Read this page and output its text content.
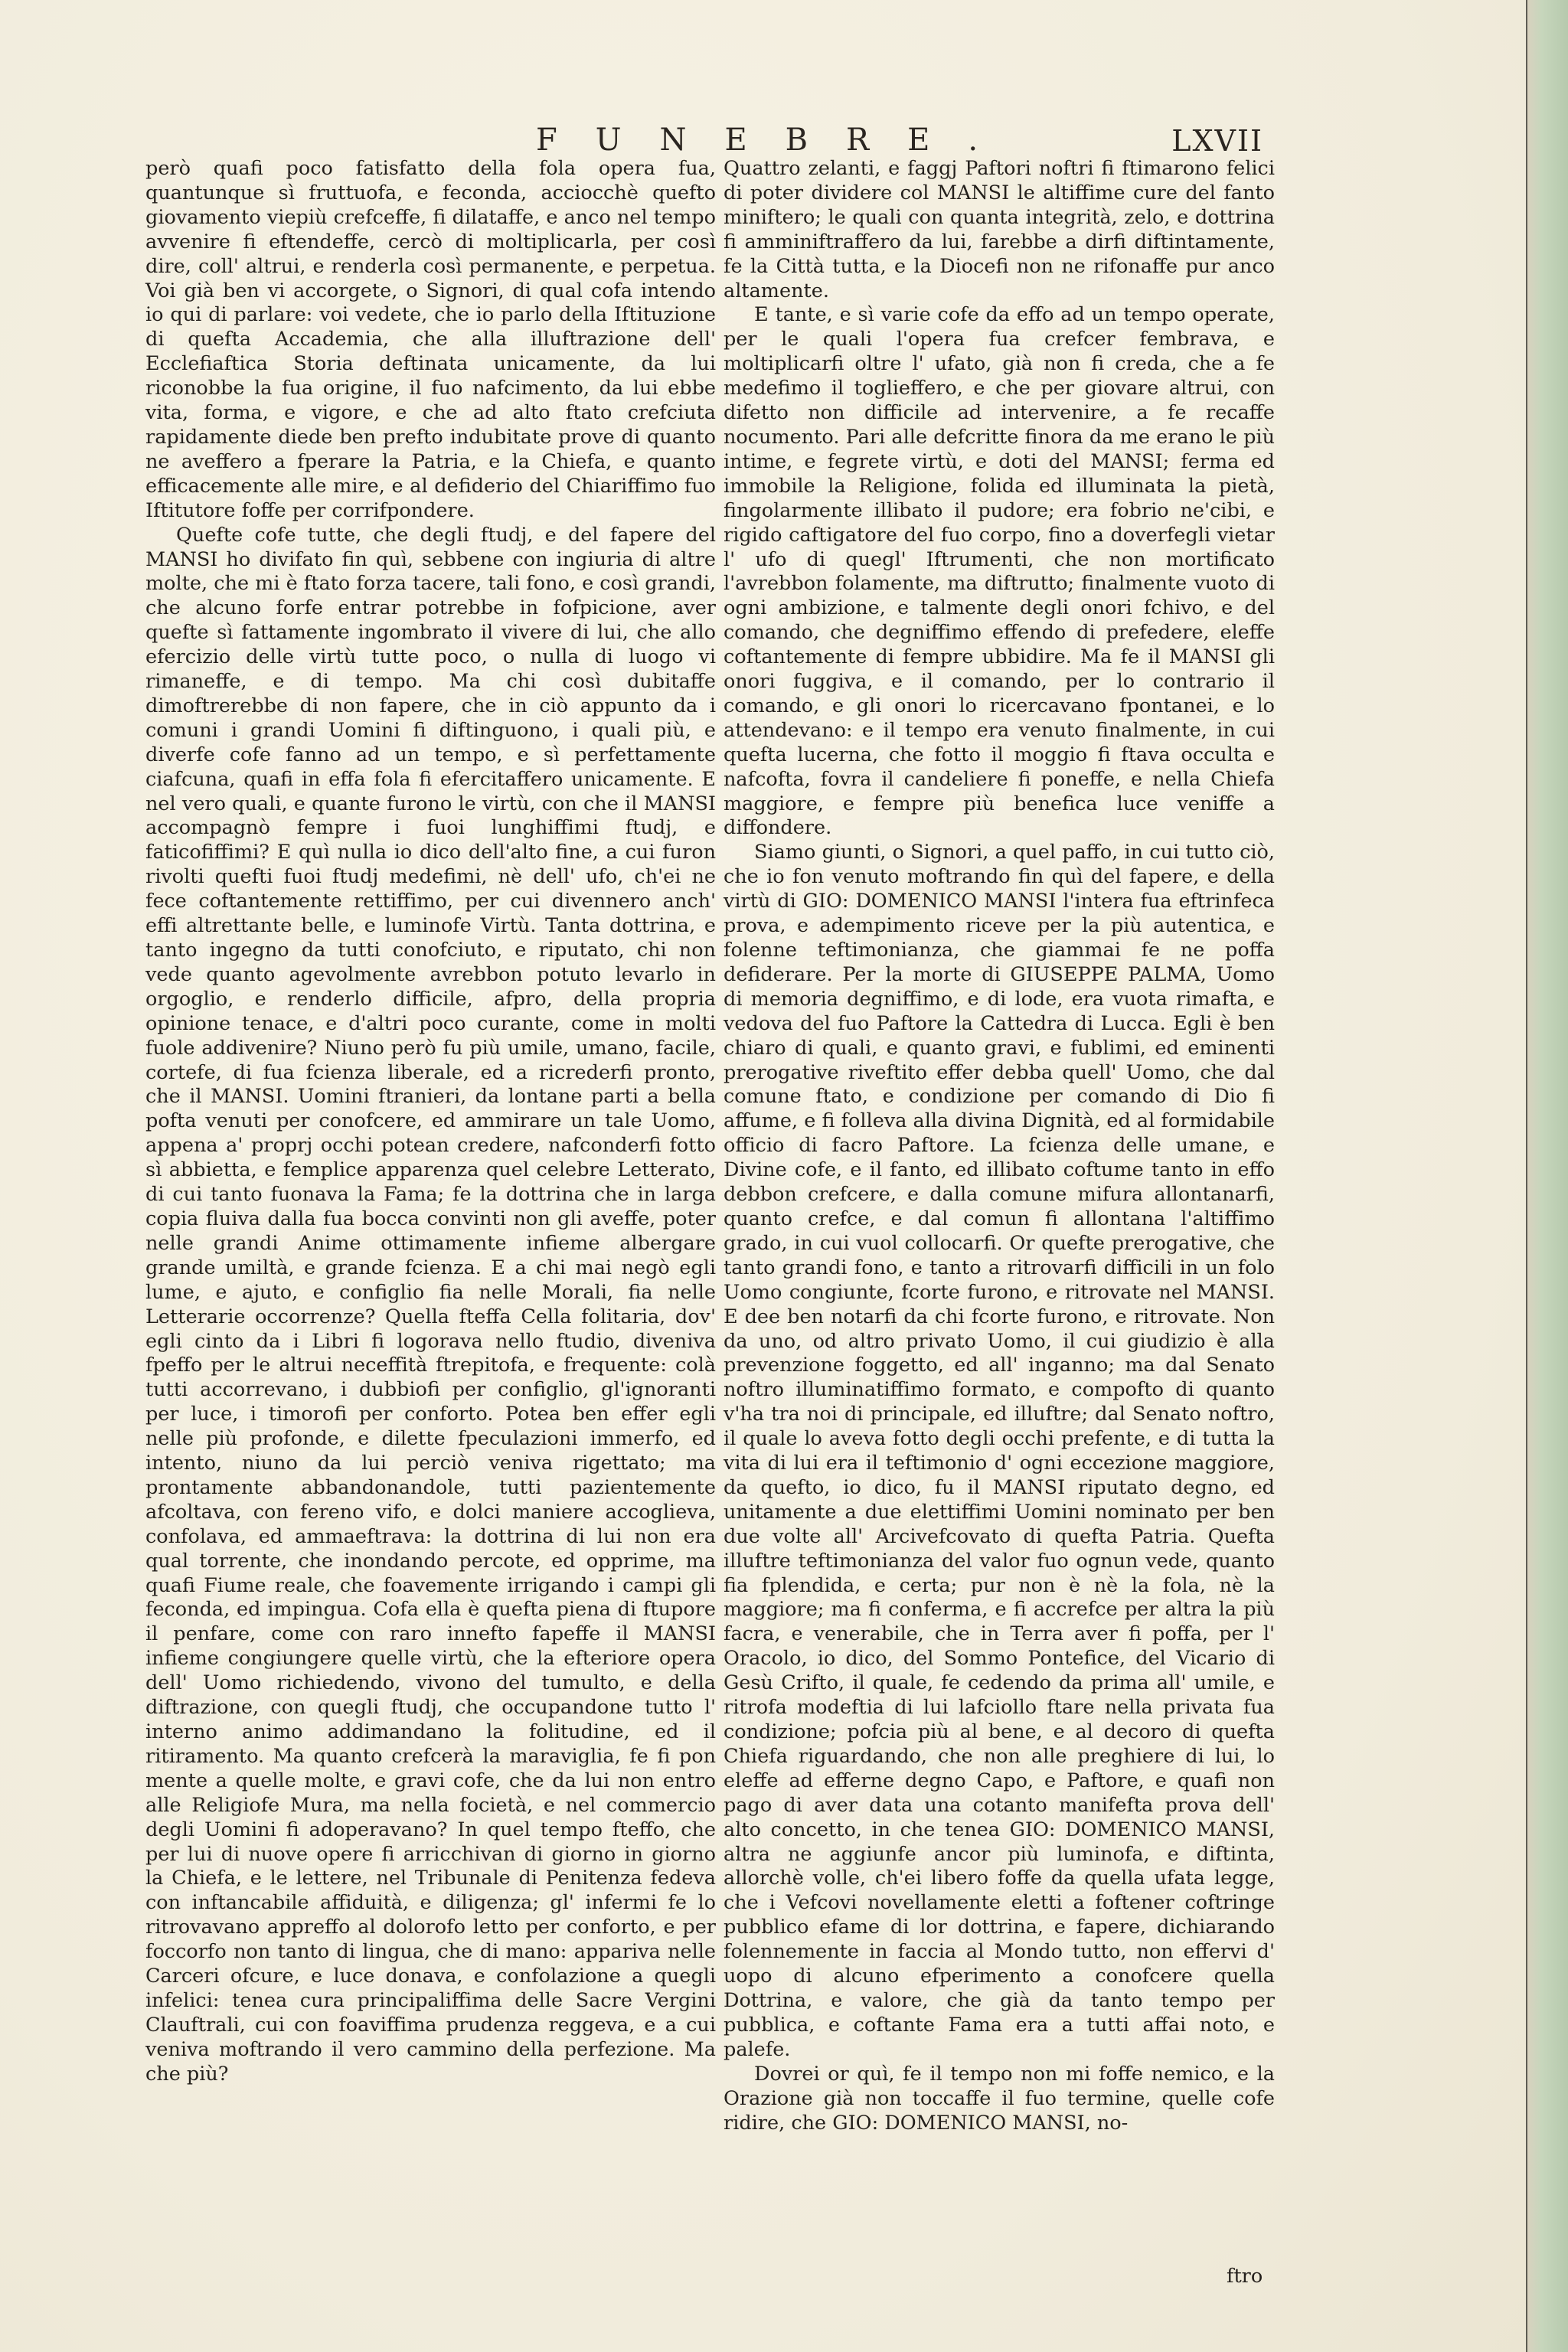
FUNEBRE.	LXVII

però quafi poco fatisfatto della fola opera fua, quantunque sì fruttuofa, e feconda, acciocchè quefto giovamento viepiù crefceffe, fi dilataffe, e anco nel tempo avvenire fi eftendeffe, cercò di moltiplicarla, per così dire, coll' altrui, e renderla così permanente, e perpetua. Voi già ben vi accorgete, o Signori, di qual cofa intendo io qui di parlare: voi vedete, che io parlo della Iftituzione di quefta Accademia, che alla illuftrazione dell' Ecclefiaftica Storia deftinata unicamente, da lui riconobbe la fua origine, il fuo nafcimento, da lui ebbe vita, forma, e vigore, e che ad alto ftato crefciuta rapidamente diede ben prefto indubitate prove di quanto ne aveffero a fperare la Patria, e la Chiefa, e quanto efficacemente alle mire, e al defiderio del Chiariffimo fuo Iftitutore foffe per corrifpondere.

Quefte cofe tutte, che degli ftudj, e del fapere del MANSI ho divifato fin quì, sebbene con ingiuria di altre molte, che mi è ftato forza tacere, tali fono, e così grandi, che alcuno forfe entrar potrebbe in fofpicione, aver quefte sì fattamente ingombrato il vivere di lui, che allo efercizio delle virtù tutte poco, o nulla di luogo vi rimaneffe, e di tempo. Ma chi così dubitaffe dimoftrerebbe di non fapere, che in ciò appunto da i comuni i grandi Uomini fi diftinguono, i quali più, e diverfe cofe fanno ad un tempo, e sì perfettamente ciafcuna, quafi in effa fola fi efercitaffero unicamente. E nel vero quali, e quante furono le virtù, con che il MANSI accompagnò fempre i fuoi lunghiffimi ftudj, e faticofiffimi? E quì nulla io dico dell'alto fine, a cui furon rivolti quefti fuoi ftudj medefimi, nè dell' ufo, ch'ei ne fece coftantemente rettiffimo, per cui divennero anch' effi altrettante belle, e luminofe Virtù. Tanta dottrina, e tanto ingegno da tutti conofciuto, e riputato, chi non vede quanto agevolmente avrebbon potuto levarlo in orgoglio, e renderlo difficile, afpro, della propria opinione tenace, e d'altri poco curante, come in molti fuole addivenire? Niuno però fu più umile, umano, facile, cortefe, di fua fcienza liberale, ed a ricrederfi pronto, che il MANSI. Uomini ftranieri, da lontane parti a bella pofta venuti per conofcere, ed ammirare un tale Uomo, appena a' proprj occhi potean credere, nafconderfi fotto sì abbietta, e femplice apparenza quel celebre Letterato, di cui tanto fuonava la Fama; fe la dottrina che in larga copia fluiva dalla fua bocca convinti non gli aveffe, poter nelle grandi Anime ottimamente infieme albergare grande umiltà, e grande fcienza. E a chi mai negò egli lume, e ajuto, e configlio fia nelle Morali, fia nelle Letterarie occorrenze? Quella fteffa Cella folitaria, dov' egli cinto da i Libri fi logorava nello ftudio, diveniva fpeffo per le altrui neceffità ftrepitofa, e frequente: colà tutti accorrevano, i dubbiofi per configlio, gl'ignoranti per luce, i timorofi per conforto. Potea ben effer egli nelle più profonde, e dilette fpeculazioni immerfo, ed intento, niuno da lui perciò veniva rigettato; ma prontamente abbandonandole, tutti pazientemente afcoltava, con fereno vifo, e dolci maniere accoglieva, confolava, ed ammaeftrava: la dottrina di lui non era qual torrente, che inondando percote, ed opprime, ma quafi Fiume reale, che foavemente irrigando i campi gli feconda, ed impingua. Cofa ella è quefta piena di ftupore il penfare, come con raro innefto fapeffe il MANSI infieme congiungere quelle virtù, che la efteriore opera dell' Uomo richiedendo, vivono del tumulto, e della diftrazione, con quegli ftudj, che occupandone tutto l' interno animo addimandano la folitudine, ed il ritiramento. Ma quanto crefcerà la maraviglia, fe fi pon mente a quelle molte, e gravi cofe, che da lui non entro alle Religiofe Mura, ma nella focietà, e nel commercio degli Uomini fi adoperavano? In quel tempo fteffo, che per lui di nuove opere fi arricchivan di giorno in giorno la Chiefa, e le lettere, nel Tribunale di Penitenza fedeva con inftancabile affiduità, e diligenza; gl' infermi fe lo ritrovavano appreffo al dolorofo letto per conforto, e per foccorfo non tanto di lingua, che di mano: appariva nelle Carceri ofcure, e luce donava, e confolazione a quegli infelici: tenea cura principaliffima delle Sacre Vergini Clauftrali, cui con foaviffima prudenza reggeva, e a cui veniva moftrando il vero cammino della perfezione. Ma che più?

Quattro zelanti, e faggj Paftori noftri fi ftimarono felici di poter dividere col MANSI le altiffime cure del fanto miniftero; le quali con quanta integrità, zelo, e dottrina fi amminiftraffero da lui, farebbe a dirfi diftintamente, fe la Città tutta, e la Diocefi non ne rifonaffe pur anco altamente.

E tante, e sì varie cofe da effo ad un tempo operate, per le quali l'opera fua crefcer fembrava, e moltiplicarfi oltre l' ufato, già non fi creda, che a fe medefimo il toglieffero, e che per giovare altrui, con difetto non difficile ad intervenire, a fe recaffe nocumento. Pari alle defcritte finora da me erano le più intime, e fegrete virtù, e doti del MANSI; ferma ed immobile la Religione, folida ed illuminata la pietà, fingolarmente illibato il pudore; era fobrio ne'cibi, e rigido caftigatore del fuo corpo, fino a doverfegli vietar l' ufo di quegl' Iftrumenti, che non mortificato l'avrebbon folamente, ma diftrutto; finalmente vuoto di ogni ambizione, e talmente degli onori fchivo, e del comando, che degniffimo effendo di prefedere, eleffe coftantemente di fempre ubbidire. Ma fe il MANSI gli onori fuggiva, e il comando, per lo contrario il comando, e gli onori lo ricercavano fpontanei, e lo attendevano: e il tempo era venuto finalmente, in cui quefta lucerna, che fotto il moggio fi ftava occulta e nafcofta, fovra il candeliere fi poneffe, e nella Chiefa maggiore, e fempre più benefica luce veniffe a diffondere.

Siamo giunti, o Signori, a quel paffo, in cui tutto ciò, che io fon venuto moftrando fin quì del fapere, e della virtù di GIO: DOMENICO MANSI l'intera fua eftrinfeca prova, e adempimento riceve per la più autentica, e folenne teftimonianza, che giammai fe ne poffa defiderare. Per la morte di GIUSEPPE PALMA, Uomo di memoria degniffimo, e di lode, era vuota rimafta, e vedova del fuo Paftore la Cattedra di Lucca. Egli è ben chiaro di quali, e quanto gravi, e fublimi, ed eminenti prerogative riveftito effer debba quell' Uomo, che dal comune ftato, e condizione per comando di Dio fi affume, e fi folleva alla divina Dignità, ed al formidabile officio di facro Paftore. La fcienza delle umane, e Divine cofe, e il fanto, ed illibato coftume tanto in effo debbon crefcere, e dalla comune mifura allontanarfi, quanto crefce, e dal comun fi allontana l'altiffimo grado, in cui vuol collocarfi. Or quefte prerogative, che tanto grandi fono, e tanto a ritrovarfi difficili in un folo Uomo congiunte, fcorte furono, e ritrovate nel MANSI. E dee ben notarfi da chi fcorte furono, e ritrovate. Non da uno, od altro privato Uomo, il cui giudizio è alla prevenzione foggetto, ed all' inganno; ma dal Senato noftro illuminatiffimo formato, e compofto di quanto v'ha tra noi di principale, ed illuftre; dal Senato noftro, il quale lo aveva fotto degli occhi prefente, e di tutta la vita di lui era il teftimonio d' ogni eccezione maggiore, da quefto, io dico, fu il MANSI riputato degno, ed unitamente a due elettiffimi Uomini nominato per ben due volte all' Arcivefcovato di quefta Patria. Quefta illuftre teftimonianza del valor fuo ognun vede, quanto fia fplendida, e certa; pur non è nè la fola, nè la maggiore; ma fi conferma, e fi accrefce per altra la più facra, e venerabile, che in Terra aver fi poffa, per l' Oracolo, io dico, del Sommo Pontefice, del Vicario di Gesù Crifto, il quale, fe cedendo da prima all' umile, e ritrofa modeftia di lui lafciollo ftare nella privata fua condizione; pofcia più al bene, e al decoro di quefta Chiefa riguardando, che non alle preghiere di lui, lo eleffe ad efferne degno Capo, e Paftore, e quafi non pago di aver data una cotanto manifefta prova dell' alto concetto, in che tenea GIO: DOMENICO MANSI, altra ne aggiunfe ancor più luminofa, e diftinta, allorchè volle, ch'ei libero foffe da quella ufata legge, che i Vefcovi novellamente eletti a foftener coftringe pubblico efame di lor dottrina, e fapere, dichiarando folennemente in faccia al Mondo tutto, non effervi d' uopo di alcuno efperimento a conofcere quella Dottrina, e valore, che già da tanto tempo per pubblica, e coftante Fama era a tutti affai noto, e palefe.

Dovrei or quì, fe il tempo non mi foffe nemico, e la Orazione già non toccaffe il fuo termine, quelle cofe ridire, che GIO: DOMENICO MANSI, no-

ftro
